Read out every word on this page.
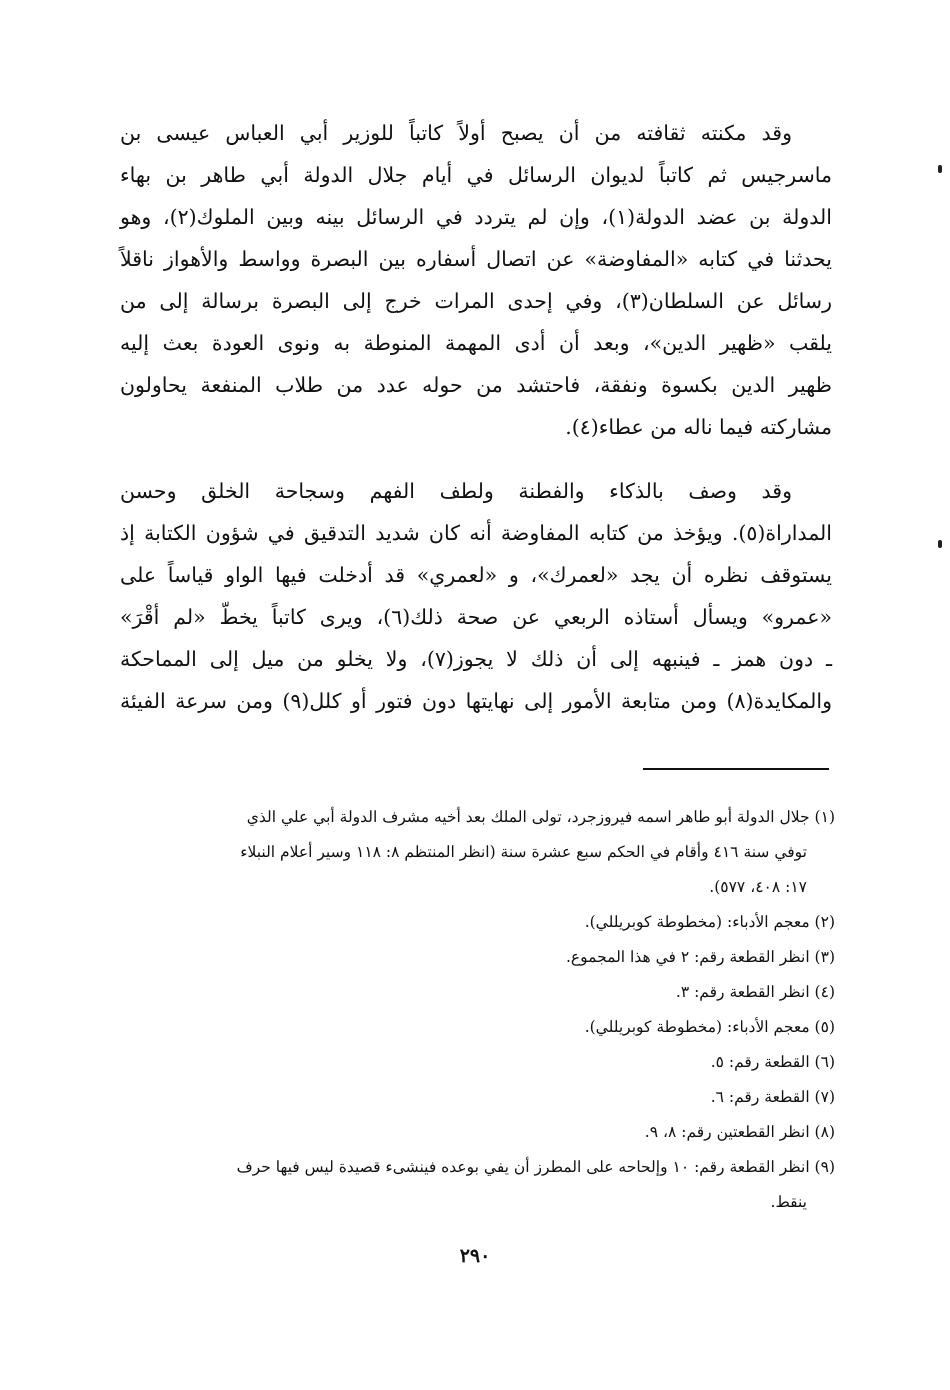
وقد مكنته ثقافته من أن يصبح أولاً كاتباً للوزير أبي العباس عيسى بن
ماسرجيس ثم كاتباً لديوان الرسائل في أيام جلال الدولة أبي طاهر بن بهاء
الدولة بن عضد الدولة(١)، وإن لم يتردد في الرسائل بينه وبين الملوك(٢)، وهو
يحدثنا في كتابه «المفاوضة» عن اتصال أسفاره بين البصرة وواسط والأهواز ناقلاً
رسائل عن السلطان(٣)، وفي إحدى المرات خرج إلى البصرة برسالة إلى من
يلقب «ظهير الدين»، وبعد أن أدى المهمة المنوطة به ونوى العودة بعث إليه
ظهير الدين بكسوة ونفقة، فاحتشد من حوله عدد من طلاب المنفعة يحاولون
مشاركته فيما ناله من عطاء(٤).
وقد وصف بالذكاء والفطنة ولطف الفهم وسجاحة الخلق وحسن
المداراة(٥). ويؤخذ من كتابه المفاوضة أنه كان شديد التدقيق في شؤون الكتابة إذ
يستوقف نظره أن يجد «لعمرك»، و «لعمري» قد أدخلت فيها الواو قياساً على
«عمرو» ويسأل أستاذه الربعي عن صحة ذلك(٦)، ويرى كاتباً يخطّ «لم أقْرَ»
ـ دون همز ـ فينبهه إلى أن ذلك لا يجوز(٧)، ولا يخلو من ميل إلى المماحكة
والمكايدة(٨) ومن متابعة الأمور إلى نهايتها دون فتور أو كلل(٩) ومن سرعة الفيئة
(١) جلال الدولة أبو طاهر اسمه فيروزجرد، تولى الملك بعد أخيه مشرف الدولة أبي علي الذي
توفي سنة ٤١٦ وأقام في الحكم سبع عشرة سنة (انظر المنتظم ٨: ١١٨ وسير أعلام النبلاء
١٧: ٤٠٨، ٥٧٧).
(٢) معجم الأدباء: (مخطوطة كوبريللي).
(٣) انظر القطعة رقم: ٢ في هذا المجموع.
(٤) انظر القطعة رقم: ٣.
(٥) معجم الأدباء: (مخطوطة كوبريللي).
(٦) القطعة رقم: ٥.
(٧) القطعة رقم: ٦.
(٨) انظر القطعتين رقم: ٨، ٩.
(٩) انظر القطعة رقم: ١٠ وإلحاحه على المطرز أن يفي بوعده فينشىء قصيدة ليس فيها حرف
ينقط.
٢٩٠
